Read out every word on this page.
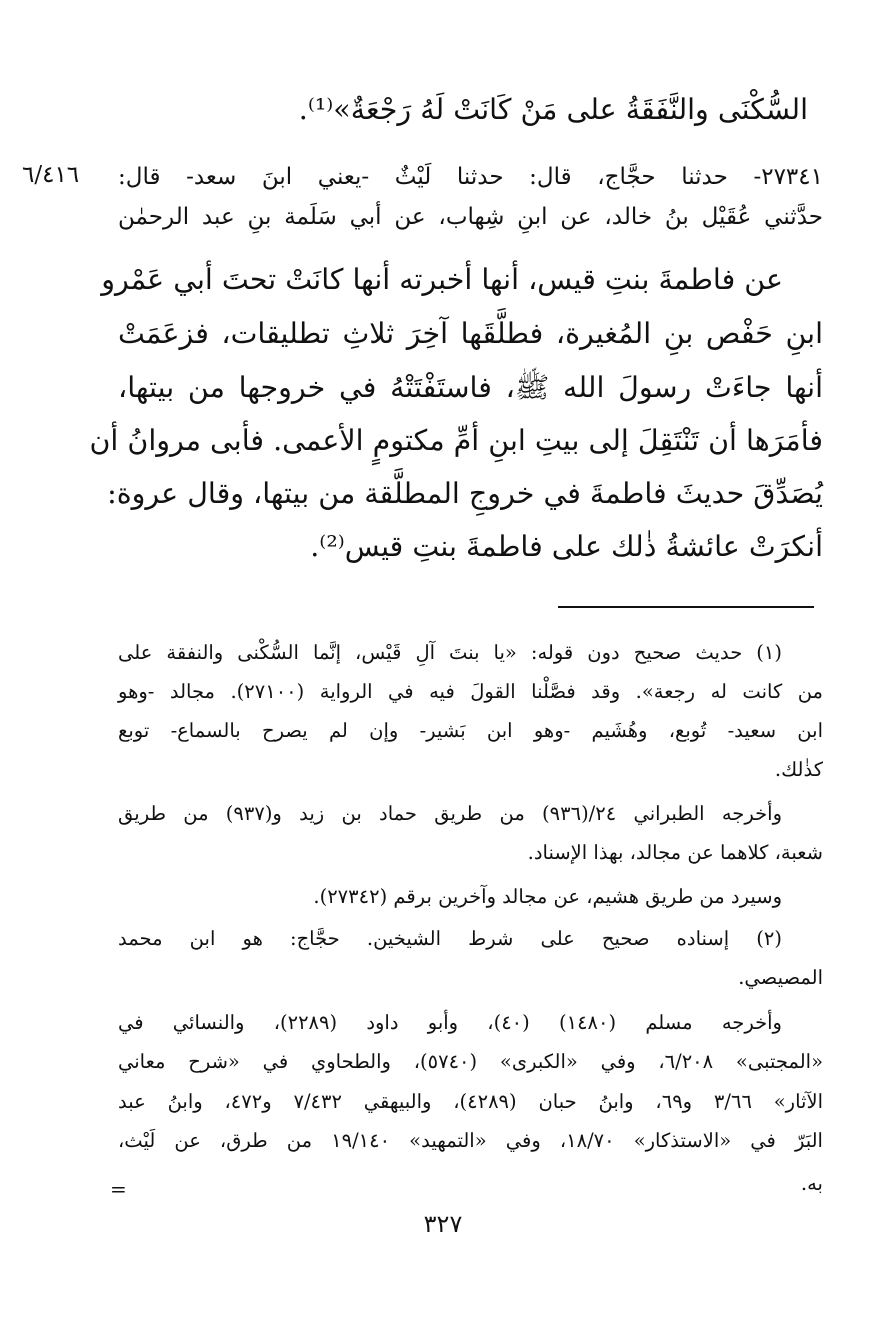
السُّكْنَى والنَّفَقَةُ على مَنْ كَانَتْ لَهُ رَجْعَةٌ»⁽¹⁾.
٦/٤١٦ ٢٧٣٤١- حدثنا حجَّاج، قال: حدثنا لَيْثٌ -يعني ابنَ سعد- قال:
حدَّثني عُقَيْل بنُ خالد، عن ابنِ شِهاب، عن أبي سَلَمة بنِ عبد الرحمٰن
عن فاطمةَ بنتِ قيس، أنها أخبرته أنها كانَتْ تحتَ أبي عَمْرو
ابنِ حَفْص بنِ المُغيرة، فطلَّقَها آخِرَ ثلاثِ تطليقات، فزعَمَتْ
أنها جاءَتْ رسولَ الله ﷺ، فاستَفْتَتْهُ في خروجها من بيتها،
فأمَرَها أن تَنْتَقِلَ إلى بيتِ ابنِ أمِّ مكتومٍ الأعمى. فأبى مروانُ أن
يُصَدِّقَ حديثَ فاطمةَ في خروجِ المطلَّقة من بيتها، وقال عروة:
أنكرَتْ عائشةُ ذٰلك على فاطمةَ بنتِ قيس⁽²⁾.
(١) حديث صحيح دون قوله: «يا بنتَ آلِ قَيْس، إنَّما السُّكْنى والنفقة على
من كانت له رجعة». وقد فصَّلْنا القولَ فيه في الرواية (٢٧١٠٠). مجالد -وهو
ابن سعيد- تُوبع، وهُشَيم -وهو ابن بَشير- وإن لم يصرح بالسماع- توبع
كذٰلك.
وأخرجه الطبراني ٢٤/(٩٣٦) من طريق حماد بن زيد و(٩٣٧) من طريق
شعبة، كلاهما عن مجالد، بهذا الإسناد.
وسيرد من طريق هشيم، عن مجالد وآخرين برقم (٢٧٣٤٢).
(٢) إسناده صحيح على شرط الشيخين. حجَّاج: هو ابن محمد
المصيصي.
وأخرجه مسلم (١٤٨٠) (٤٠)، وأبو داود (٢٢٨٩)، والنسائي في
«المجتبى» ٦/٢٠٨، وفي «الكبرى» (٥٧٤٠)، والطحاوي في «شرح معاني
الآثار» ٣/٦٦ و٦٩، وابنُ حبان (٤٢٨٩)، والبيهقي ٧/٤٣٢ و٤٧٢، وابنُ عبد
البَرّ في «الاستذكار» ١٨/٧٠، وفي «التمهيد» ١٩/١٤٠ من طرق، عن لَيْث،
به.
=
٣٢٧
